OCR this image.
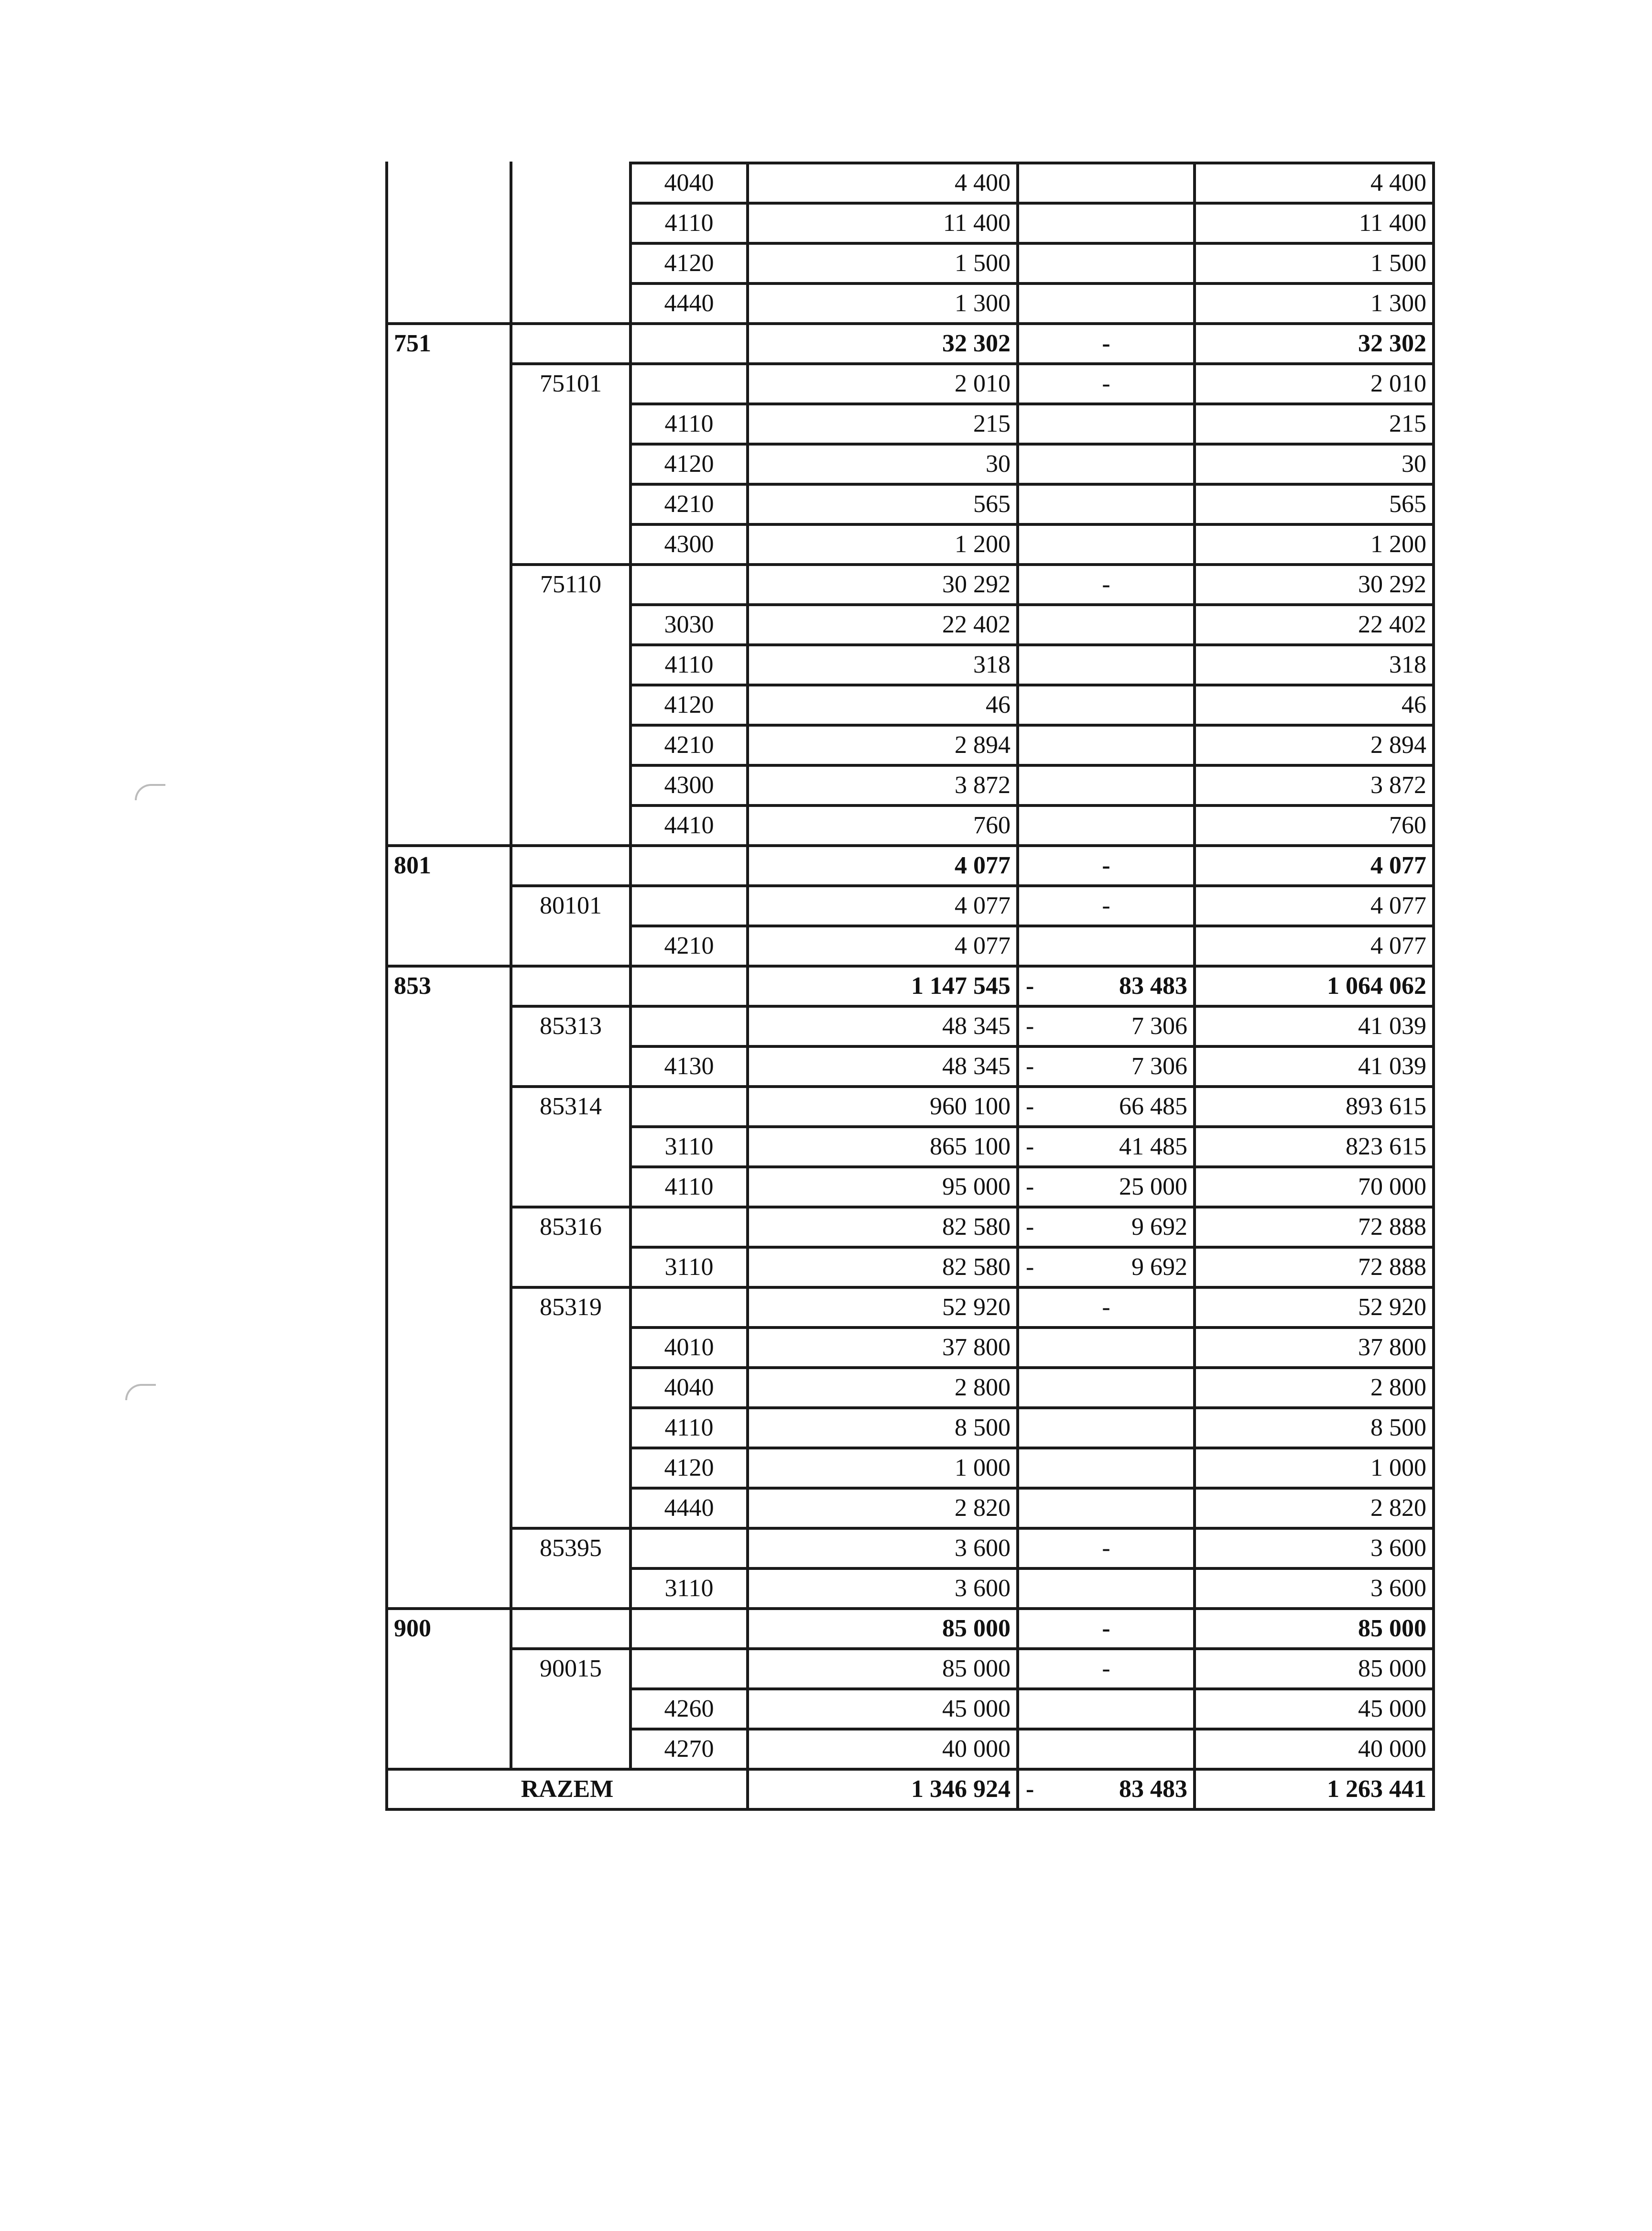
		4040	4 400		4 400
		4110	11 400		11 400
		4120	1 500		1 500
		4440	1 300		1 300
751			32 302	-	32 302
	75101		2 010	-	2 010
		4110	215		215
		4120	30		30
		4210	565		565
		4300	1 200		1 200
	75110		30 292	-	30 292
		3030	22 402		22 402
		4110	318		318
		4120	46		46
		4210	2 894		2 894
		4300	3 872		3 872
		4410	760		760
801			4 077	-	4 077
	80101		4 077	-	4 077
		4210	4 077		4 077
853			1 147 545	- 83 483	1 064 062
	85313		48 345	- 7 306	41 039
		4130	48 345	- 7 306	41 039
	85314		960 100	- 66 485	893 615
		3110	865 100	- 41 485	823 615
		4110	95 000	- 25 000	70 000
	85316		82 580	- 9 692	72 888
		3110	82 580	- 9 692	72 888
	85319		52 920	-	52 920
		4010	37 800		37 800
		4040	2 800		2 800
		4110	8 500		8 500
		4120	1 000		1 000
		4440	2 820		2 820
	85395		3 600	-	3 600
		3110	3 600		3 600
900			85 000	-	85 000
	90015		85 000	-	85 000
		4260	45 000		45 000
		4270	40 000		40 000
RAZEM			1 346 924	- 83 483	1 263 441
